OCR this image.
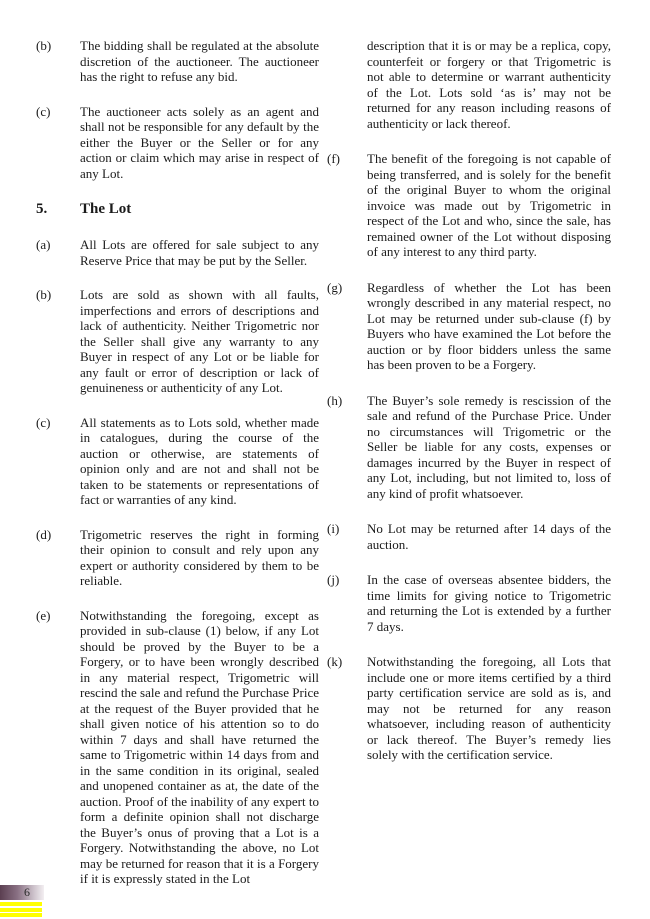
(b)	The bidding shall be regulated at the absolute discretion of the auctioneer. The auctioneer has the right to refuse any bid.
(c)	The auctioneer acts solely as an agent and shall not be responsible for any default by the either the Buyer or the Seller or for any action or claim which may arise in respect of any Lot.
5.	The Lot
(a)	All Lots are offered for sale subject to any Reserve Price that may be put by the Seller.
(b)	Lots are sold as shown with all faults, imperfections and errors of descriptions and lack of authenticity. Neither Trigometric nor the Seller shall give any warranty to any Buyer in respect of any Lot or be liable for any fault or error of description or lack of genuineness or authenticity of any Lot.
(c)	All statements as to Lots sold, whether made in catalogues, during the course of the auction or otherwise, are statements of opinion only and are not and shall not be taken to be statements or representations of fact or warranties of any kind.
(d)	Trigometric reserves the right in forming their opinion to consult and rely upon any expert or authority considered by them to be reliable.
(e)	Notwithstanding the foregoing, except as provided in sub-clause (1) below, if any Lot should be proved by the Buyer to be a Forgery, or to have been wrongly described in any material respect, Trigometric will rescind the sale and refund the Purchase Price at the request of the Buyer provided that he shall given notice of his attention so to do within 7 days and shall have returned the same to Trigometric within 14 days from and in the same condition in its original, sealed and unopened container as at, the date of the auction. Proof of the inability of any expert to form a definite opinion shall not discharge the Buyer’s onus of proving that a Lot is a Forgery. Notwithstanding the above, no Lot may be returned for reason that it is a Forgery if it is expressly stated in the Lot
description that it is or may be a replica, copy, counterfeit or forgery or that Trigometric is not able to determine or warrant authenticity of the Lot. Lots sold ‘as is’ may not be returned for any reason including reasons of authenticity or lack thereof.
(f)	The benefit of the foregoing is not capable of being transferred, and is solely for the benefit of the original Buyer to whom the original invoice was made out by Trigometric in respect of the Lot and who, since the sale, has remained owner of the Lot without disposing of any interest to any third party.
(g)	Regardless of whether the Lot has been wrongly described in any material respect, no Lot may be returned under sub-clause (f) by Buyers who have examined the Lot before the auction or by floor bidders unless the same has been proven to be a Forgery.
(h)	The Buyer’s sole remedy is rescission of the sale and refund of the Purchase Price. Under no circumstances will Trigometric or the Seller be liable for any costs, expenses or damages incurred by the Buyer in respect of any Lot, including, but not limited to, loss of any kind of profit whatsoever.
(i)	No Lot may be returned after 14 days of the auction.
(j)	In the case of overseas absentee bidders, the time limits for giving notice to Trigometric and returning the Lot is extended by a further 7 days.
(k)	Notwithstanding the foregoing, all Lots that include one or more items certified by a third party certification service are sold as is, and may not be returned for any reason whatsoever, including reason of authenticity or lack thereof. The Buyer’s remedy lies solely with the certification service.
6
